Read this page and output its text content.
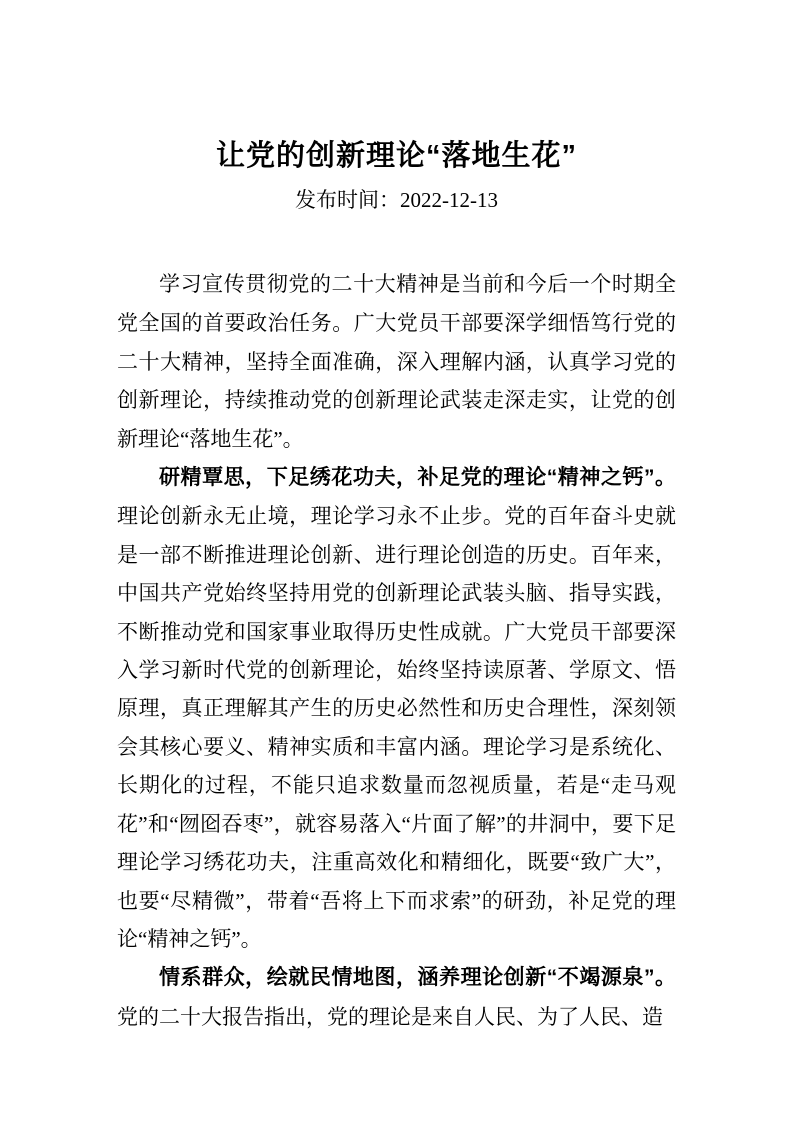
让党的创新理论“落地生花”
发布时间：2022-12-13

学习宣传贯彻党的二十大精神是当前和今后一个时期全党全国的首要政治任务。广大党员干部要深学细悟笃行党的二十大精神，坚持全面准确，深入理解内涵，认真学习党的创新理论，持续推动党的创新理论武装走深走实，让党的创新理论“落地生花”。

研精覃思，下足绣花功夫，补足党的理论“精神之钙”。理论创新永无止境，理论学习永不止步。党的百年奋斗史就是一部不断推进理论创新、进行理论创造的历史。百年来，中国共产党始终坚持用党的创新理论武装头脑、指导实践，不断推动党和国家事业取得历史性成就。广大党员干部要深入学习新时代党的创新理论，始终坚持读原著、学原文、悟原理，真正理解其产生的历史必然性和历史合理性，深刻领会其核心要义、精神实质和丰富内涵。理论学习是系统化、长期化的过程，不能只追求数量而忽视质量，若是“走马观花”和“囫囵吞枣”，就容易落入“片面了解”的井洞中，要下足理论学习绣花功夫，注重高效化和精细化，既要“致广大”，也要“尽精微”，带着“吾将上下而求索”的研劲，补足党的理论“精神之钙”。

情系群众，绘就民情地图，涵养理论创新“不竭源泉”。党的二十大报告指出，党的理论是来自人民、为了人民、造
